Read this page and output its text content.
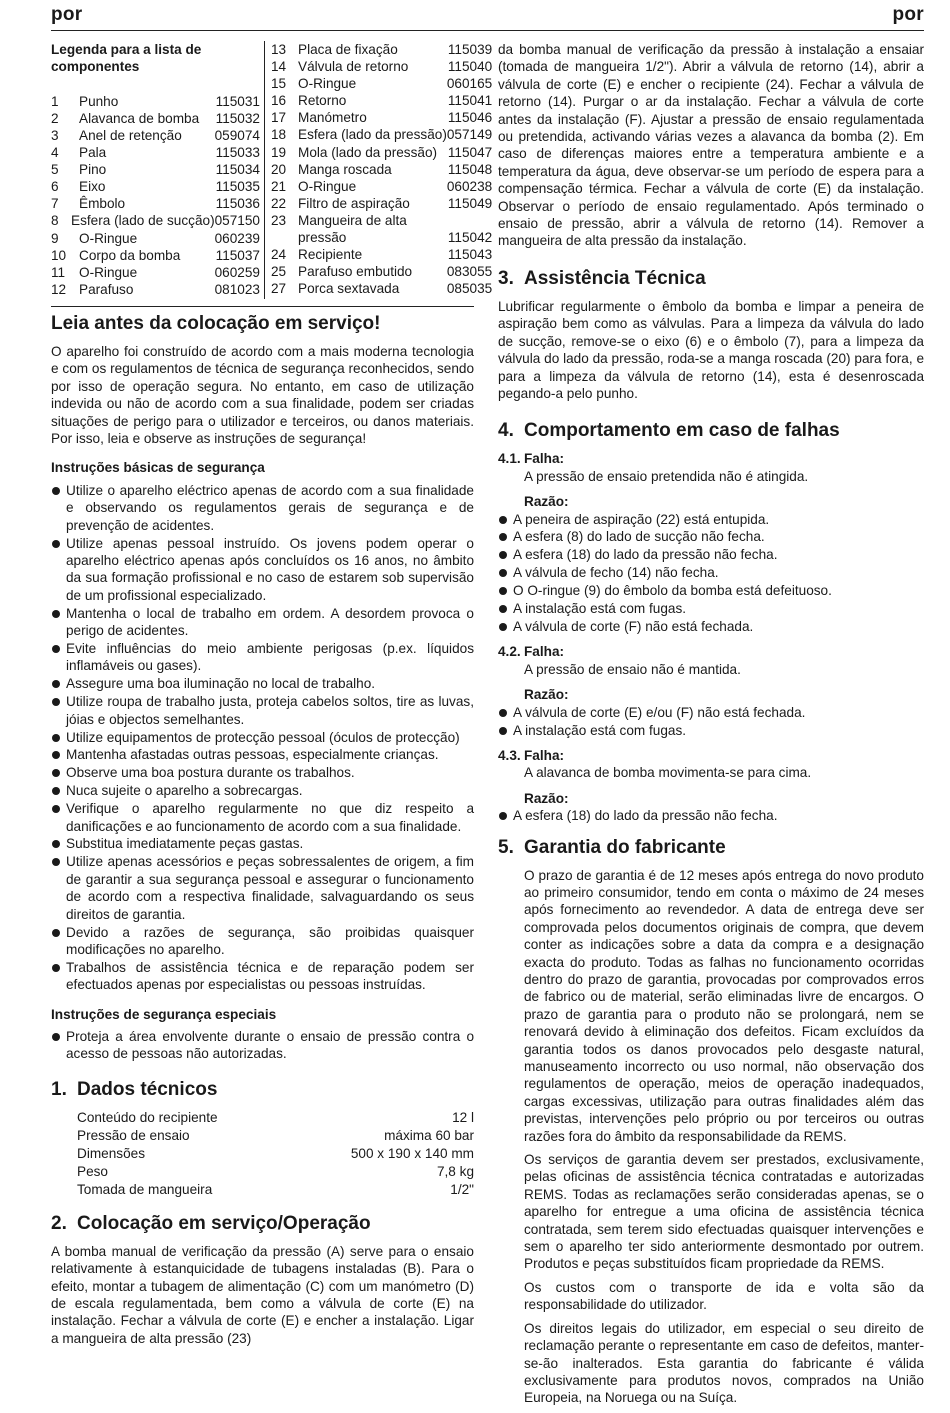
por	por
Legenda para a lista de componentes
1	Punho	115031
2	Alavanca de bomba	115032
3	Anel de retenção	059074
4	Pala	115033
5	Pino	115034
6	Eixo	115035
7	Êmbolo	115036
8 Esfera (lado de sucção) 057150
9	O-Ringue	060239
10 Corpo da bomba	115037
11	O-Ringue	060259
12 Parafuso	081023
13 Placa de fixação	115039
14 Válvula de retorno	115040
15 O-Ringue	060165
16 Retorno	115041
17 Manómetro	115046
18 Esfera (lado da pressão) 057149
19 Mola (lado da pressão) 115047
20 Manga roscada	115048
21 O-Ringue	060238
22 Filtro de aspiração	115049
23 Mangueira de alta pressão	115042
24 Recipiente	115043
25 Parafuso embutido	083055
27 Porca sextavada	085035
Leia antes da colocação em serviço!
O aparelho foi construído de acordo com a mais moderna tecnologia e com os regulamentos de técnica de segurança reconhecidos, sendo por isso de operação segura. No entanto, em caso de utilização indevida ou não de acordo com a sua finalidade, podem ser criadas situações de perigo para o utilizador e terceiros, ou danos materiais. Por isso, leia e observe as instruções de segurança!
Instruções básicas de segurança
Utilize o aparelho eléctrico apenas de acordo com a sua finalidade e observando os regulamentos gerais de segurança e de prevenção de acidentes.
Utilize apenas pessoal instruído. Os jovens podem operar o aparelho eléctrico apenas após concluídos os 16 anos, no âmbito da sua formação profissional e no caso de estarem sob supervisão de um profissional especializado.
Mantenha o local de trabalho em ordem. A desordem provoca o perigo de acidentes.
Evite influências do meio ambiente perigosas (p.ex. líquidos inflamáveis ou gases).
Assegure uma boa iluminação no local de trabalho.
Utilize roupa de trabalho justa, proteja cabelos soltos, tire as luvas, jóias e objectos semelhantes.
Utilize equipamentos de protecção pessoal (óculos de protecção)
Mantenha afastadas outras pessoas, especialmente crianças.
Observe uma boa postura durante os trabalhos.
Nuca sujeite o aparelho a sobrecargas.
Verifique o aparelho regularmente no que diz respeito a danificações e ao funcionamento de acordo com a sua finalidade.
Substitua imediatamente peças gastas.
Utilize apenas acessórios e peças sobressalentes de origem, a fim de garantir a sua segurança pessoal e assegurar o funcionamento de acordo com a respectiva finalidade, salvaguardando os seus direitos de garantia.
Devido a razões de segurança, são proibidas quaisquer modificações no aparelho.
Trabalhos de assistência técnica e de reparação podem ser efectuados apenas por especialistas ou pessoas instruídas.
Instruções de segurança especiais
Proteja a área envolvente durante o ensaio de pressão contra o acesso de pessoas não autorizadas.
1. Dados técnicos
Conteúdo do recipiente	12 l
Pressão de ensaio	máxima 60 bar
Dimensões	500 x 190 x 140 mm
Peso	7,8 kg
Tomada de mangueira	1/2"
2. Colocação em serviço/Operação
A bomba manual de verificação da pressão (A) serve para o ensaio relativamente à estanquicidade de tubagens instaladas (B). Para o efeito, montar a tubagem de alimentação (C) com um manómetro (D) de escala regulamentada, bem como a válvula de corte (E) na instalação. Fechar a válvula de corte (E) e encher a instalação. Ligar a mangueira de alta pressão (23)
da bomba manual de verificação da pressão à instalação a ensaiar (tomada de mangueira 1/2"). Abrir a válvula de retorno (14), abrir a válvula de corte (E) e encher o recipiente (24). Fechar a válvula de retorno (14). Purgar o ar da instalação. Fechar a válvula de corte antes da instalação (F). Ajustar a pressão de ensaio regulamentada ou pretendida, activando várias vezes a alavanca da bomba (2). Em caso de diferenças maiores entre a temperatura ambiente e a temperatura da água, deve observar-se um período de espera para a compensação térmica. Fechar a válvula de corte (E) da instalação. Observar o período de ensaio regulamentado. Após terminado o ensaio de pressão, abrir a válvula de retorno (14). Remover a mangueira de alta pressão da instalação.
3. Assistência Técnica
Lubrificar regularmente o êmbolo da bomba e limpar a peneira de aspiração bem como as válvulas. Para a limpeza da válvula do lado de sucção, remove-se o eixo (6) e o êmbolo (7), para a limpeza da válvula do lado da pressão, roda-se a manga roscada (20) para fora, e para a limpeza da válvula de retorno (14), esta é desenroscada pegando-a pelo punho.
4. Comportamento em caso de falhas
4.1. Falha:
A pressão de ensaio pretendida não é atingida.
Razão:
A peneira de aspiração (22) está entupida.
A esfera (8) do lado de sucção não fecha.
A esfera (18) do lado da pressão não fecha.
A válvula de fecho (14) não fecha.
O O-ringue (9) do êmbolo da bomba está defeituoso.
A instalação está com fugas.
A válvula de corte (F) não está fechada.
4.2. Falha:
A pressão de ensaio não é mantida.
Razão:
A válvula de corte (E) e/ou (F) não está fechada.
A instalação está com fugas.
4.3. Falha:
A alavanca de bomba movimenta-se para cima.
Razão:
A esfera (18) do lado da pressão não fecha.
5. Garantia do fabricante
O prazo de garantia é de 12 meses após entrega do novo produto ao primeiro consumidor, tendo em conta o máximo de 24 meses após fornecimento ao revendedor. A data de entrega deve ser comprovada pelos documentos originais de compra, que devem conter as indicações sobre a data da compra e a designação exacta do produto. Todas as falhas no funcionamento ocorridas dentro do prazo de garantia, provocadas por comprovados erros de fabrico ou de material, serão eliminadas livre de encargos. O prazo de garantia para o produto não se prolongará, nem se renovará devido à eliminação dos defeitos. Ficam excluídos da garantia todos os danos provocados pelo desgaste natural, manuseamento incorrecto ou uso normal, não observação dos regulamentos de operação, meios de operação inadequados, cargas excessivas, utilização para outras finalidades além das previstas, intervenções pelo próprio ou por terceiros ou outras razões fora do âmbito da responsabilidade da REMS.
Os serviços de garantia devem ser prestados, exclusivamente, pelas oficinas de assistência técnica contratadas e autorizadas REMS. Todas as reclamações serão consideradas apenas, se o aparelho for entregue a uma oficina de assistência técnica contratada, sem terem sido efectuadas quaisquer intervenções e sem o aparelho ter sido anteriormente desmontado por outrem. Produtos e peças substituídos ficam propriedade da REMS.
Os custos com o transporte de ida e volta são da responsabilidade do utilizador.
Os direitos legais do utilizador, em especial o seu direito de reclamação perante o representante em caso de defeitos, manter-se-ão inalterados. Esta garantia do fabricante é válida exclusivamente para produtos novos, comprados na União Europeia, na Noruega ou na Suíça.
